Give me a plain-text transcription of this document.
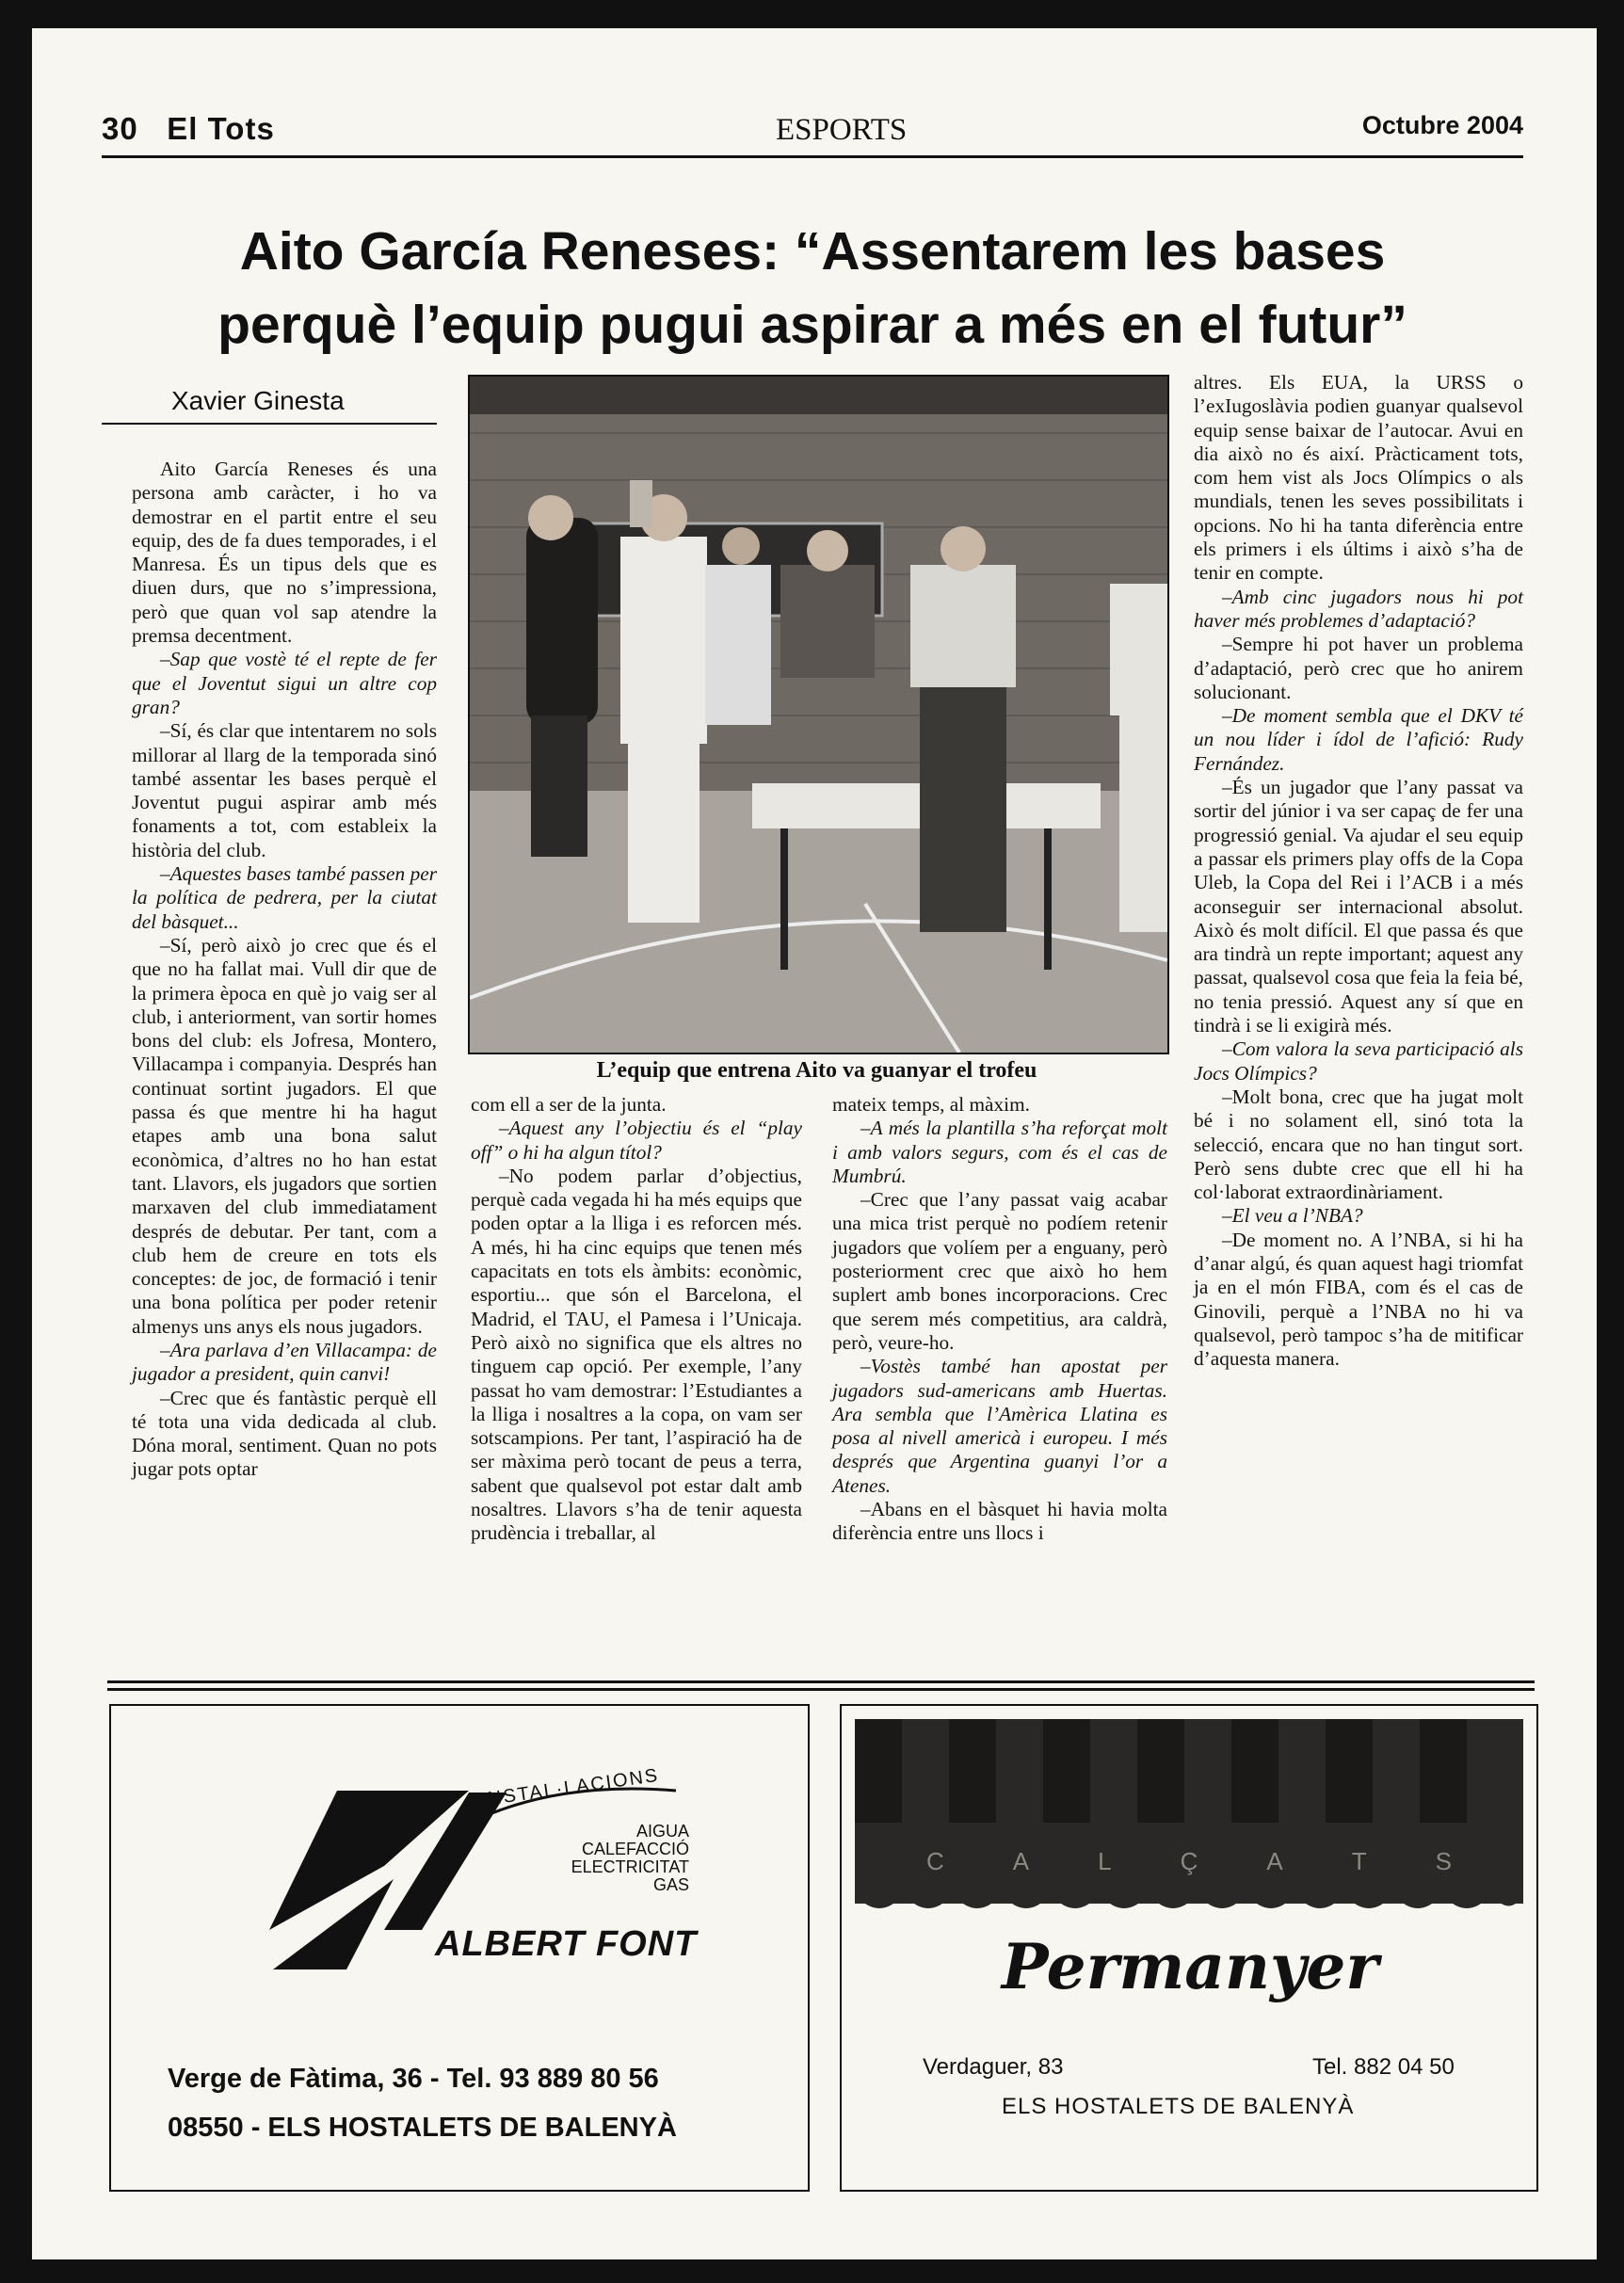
30 El Tots	ESPORTS	Octubre 2004
Aito García Reneses: “Assentarem les bases
perquè l’equip pugui aspirar a més en el futur”
Xavier Ginesta

Aito García Reneses és una persona amb caràcter, i ho va demostrar en el partit entre el seu equip, des de fa dues temporades, i el Manresa. És un tipus dels que es diuen durs, que no s’impressiona, però que quan vol sap atendre la premsa decentment.

–Sap que vostè té el repte de fer que el Joventut sigui un altre cop gran?

–Sí, és clar que intentarem no sols millorar al llarg de la temporada sinó també assentar les bases perquè el Joventut pugui aspirar amb més fonaments a tot, com estableix la història del club.

–Aquestes bases també passen per la política de pedrera, per la ciutat del bàsquet...

–Sí, però això jo crec que és el que no ha fallat mai. Vull dir que de la primera època en què jo vaig ser al club, i anteriorment, van sortir homes bons del club: els Jofresa, Montero, Villacampa i companyia. Després han continuat sortint jugadors. El que passa és que mentre hi ha hagut etapes amb una bona salut econòmica, d’altres no ho han estat tant. Llavors, els jugadors que sortien marxaven del club immediatament després de debutar. Per tant, com a club hem de creure en tots els conceptes: de joc, de formació i tenir una bona política per poder retenir almenys uns anys els nous jugadors.

–Ara parlava d’en Villacampa: de jugador a president, quin canvi!

–Crec que és fantàstic perquè ell té tota una vida dedicada al club. Dóna moral, sentiment. Quan no pots jugar pots optar

com ell a ser de la junta.

–Aquest any l’objectiu és el “play off” o hi ha algun títol?

–No podem parlar d’objectius, perquè cada vegada hi ha més equips que poden optar a la lliga i es reforcen més. A més, hi ha cinc equips que tenen més capacitats en tots els àmbits: econòmic, esportiu... que són el Barcelona, el Madrid, el TAU, el Pamesa i l’Unicaja. Però això no significa que els altres no tinguem cap opció. Per exemple, l’any passat ho vam demostrar: l’Estudiantes a la lliga i nosaltres a la copa, on vam ser sotscampions. Per tant, l’aspiració ha de ser màxima però tocant de peus a terra, sabent que qualsevol pot estar dalt amb nosaltres. Llavors s’ha de tenir aquesta prudència i treballar, al

mateix temps, al màxim.

–A més la plantilla s’ha reforçat molt i amb valors segurs, com és el cas de Mumbrú.

–Crec que l’any passat vaig acabar una mica trist perquè no podíem retenir jugadors que volíem per a enguany, però posteriorment crec que això ho hem suplert amb bones incorporacions. Crec que serem més competitius, ara caldrà, però, veure-ho.

–Vostès també han apostat per jugadors sud-americans amb Huertas. Ara sembla que l’Amèrica Llatina es posa al nivell americà i europeu. I més després que Argentina guanyi l’or a Atenes.

–Abans en el bàsquet hi havia molta diferència entre uns llocs i

altres. Els EUA, la URSS o l’exIugoslàvia podien guanyar qualsevol equip sense baixar de l’autocar. Avui en dia això no és així. Pràcticament tots, com hem vist als Jocs Olímpics o als mundials, tenen les seves possibilitats i opcions. No hi ha tanta diferència entre els primers i els últims i això s’ha de tenir en compte.

–Amb cinc jugadors nous hi pot haver més problemes d’adaptació?

–Sempre hi pot haver un problema d’adaptació, però crec que ho anirem solucionant.

–De moment sembla que el DKV té un nou líder i ídol de l’afició: Rudy Fernández.

–És un jugador que l’any passat va sortir del júnior i va ser capaç de fer una progressió genial. Va ajudar el seu equip a passar els primers play offs de la Copa Uleb, la Copa del Rei i l’ACB i a més aconseguir ser internacional absolut. Això és molt difícil. El que passa és que ara tindrà un repte important; aquest any passat, qualsevol cosa que feia la feia bé, no tenia pressió. Aquest any sí que en tindrà i se li exigirà més.

–Com valora la seva participació als Jocs Olímpics?

–Molt bona, crec que ha jugat molt bé i no solament ell, sinó tota la selecció, encara que no han tingut sort. Però sens dubte crec que ell hi ha col·laborat extraordinàriament.

–El veu a l’NBA?

–De moment no. A l’NBA, si hi ha d’anar algú, és quan aquest hagi triomfat ja en el món FIBA, com és el cas de Ginovili, perquè a l’NBA no hi va qualsevol, però tampoc s’ha de mitificar d’aquesta manera.

L’equip que entrena Aito va guanyar el trofeu
INSTAL·LACIONS
AIGUA
CALEFACCIÓ
ELECTRICITAT
GAS
ALBERT FONT
Verge de Fàtima, 36 - Tel. 93 889 80 56
08550 - ELS HOSTALETS DE BALENYÀ
C	A	L	Ç	A	T	S
Permanyer
Verdaguer, 83	Tel. 882 04 50
ELS HOSTALETS DE BALENYÀ
